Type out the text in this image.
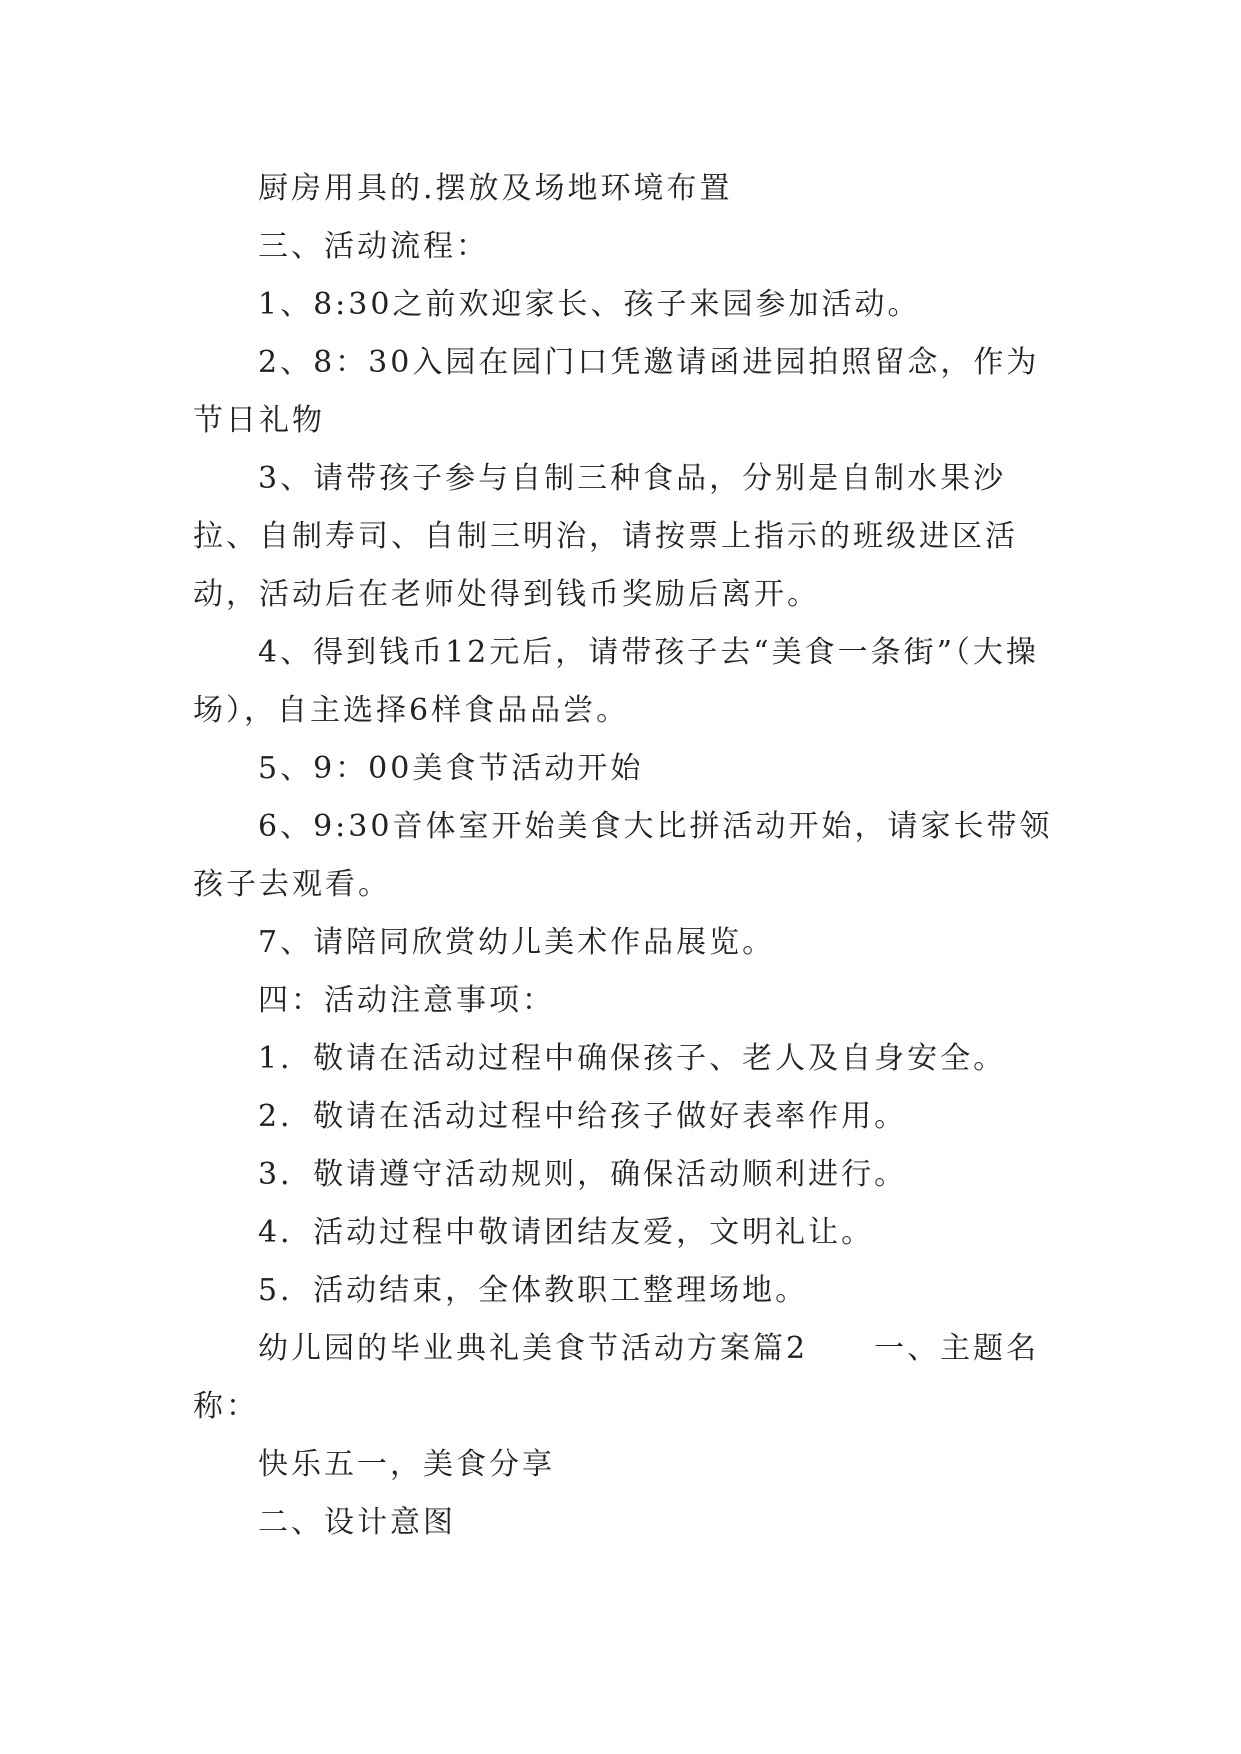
厨房用具的.摆放及场地环境布置

三、活动流程：

1、8:30之前欢迎家长、孩子来园参加活动。

2、8：30入园在园门口凭邀请函进园拍照留念，作为节日礼物

3、请带孩子参与自制三种食品，分别是自制水果沙拉、自制寿司、自制三明治，请按票上指示的班级进区活动，活动后在老师处得到钱币奖励后离开。

4、得到钱币12元后，请带孩子去“美食一条街”（大操场），自主选择6样食品品尝。

5、9：00美食节活动开始

6、9:30音体室开始美食大比拼活动开始，请家长带领孩子去观看。

7、请陪同欣赏幼儿美术作品展览。

四：活动注意事项：

1．敬请在活动过程中确保孩子、老人及自身安全。

2．敬请在活动过程中给孩子做好表率作用。

3．敬请遵守活动规则，确保活动顺利进行。

4．活动过程中敬请团结友爱，文明礼让。

5．活动结束，全体教职工整理场地。

幼儿园的毕业典礼美食节活动方案篇2　　一、主题名称：

快乐五一，美食分享

二、设计意图
